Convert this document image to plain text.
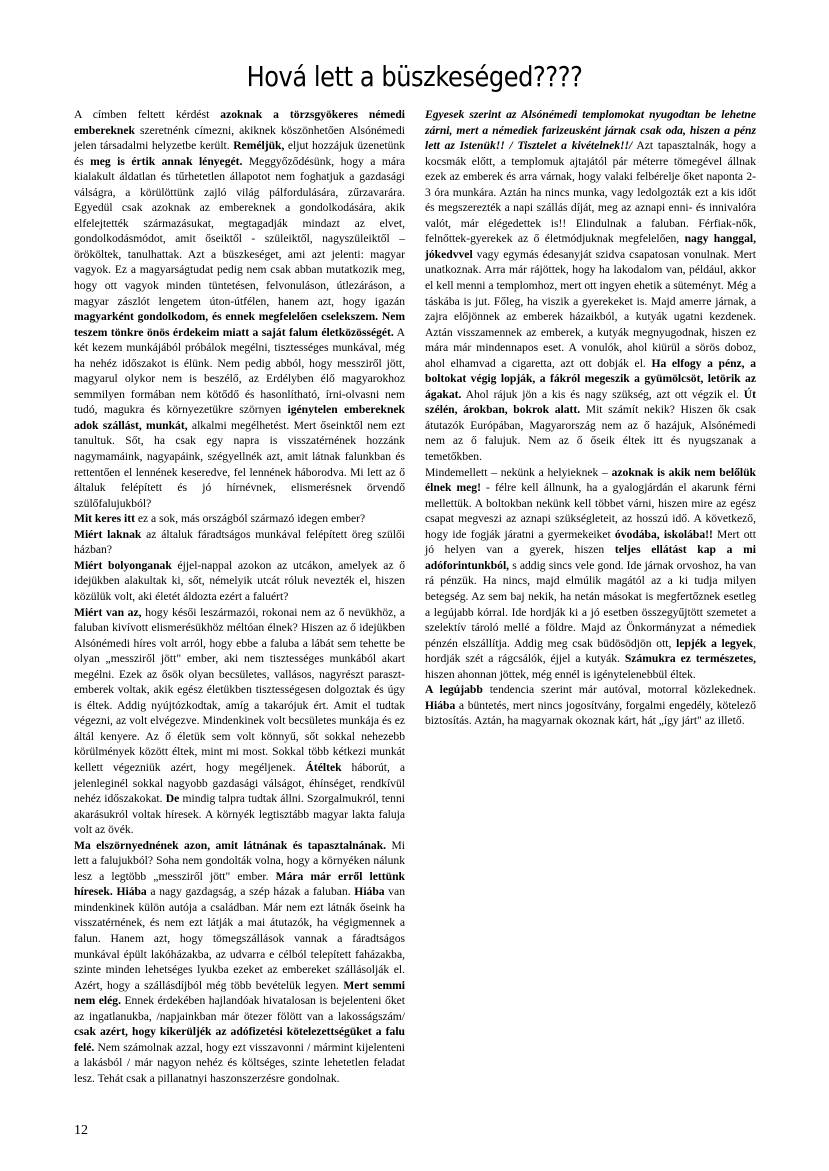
Hová lett a büszkeséged????

A címben feltett kérdést azoknak a törzsgyökeres némedi embereknek szeretnénk címezni, akiknek köszönhetően Alsónémedi jelen társadalmi helyzetbe került. Reméljük, eljut hozzájuk üzenetünk és meg is értik annak lényegét. Meggyőződésünk, hogy a mára kialakult áldatlan és tűrhetetlen állapotot nem foghatjuk a gazdasági válságra, a körülöttünk zajló világ pálfordulására, zűrzavarára. Egyedül csak azoknak az embereknek a gondolkodására, akik elfelejtették származásukat, megtagadják mindazt az elvet, gondolkodásmódot, amit őseiktől - szüleiktől, nagyszüleiktől – örököltek, tanulhattak. Azt a büszkeséget, ami azt jelenti: magyar vagyok. Ez a magyarságtudat pedig nem csak abban mutatkozik meg, hogy ott vagyok minden tüntetésen, felvonuláson, útlezáráson, a magyar zászlót lengetem úton-útfélen, hanem azt, hogy igazán magyarként gondolkodom, és ennek megfelelően cselekszem. Nem teszem tönkre önös érdekeim miatt a saját falum életközösségét. A két kezem munkájából próbálok megélni, tisztességes munkával, még ha nehéz időszakot is élünk. Nem pedig abból, hogy messziről jött, magyarul olykor nem is beszélő, az Erdélyben élő magyarokhoz semmilyen formában nem kötődő és hasonlítható, írni-olvasni nem tudó, magukra és környezetükre szörnyen igénytelen embereknek adok szállást, munkát, alkalmi megélhetést. Mert őseinktől nem ezt tanultuk. Sőt, ha csak egy napra is visszatérnének hozzánk nagymamáink, nagyapáink, szégyellnék azt, amit látnak falunkban és rettentően el lennének keseredve, fel lennének háborodva. Mi lett az ő általuk felépített és jó hírnévnek, elismerésnek örvendő szülőfalujukból?

Mit keres itt ez a sok, más országból származó idegen ember?

Miért laknak az általuk fáradtságos munkával felépített öreg szülői házban?

Miért bolyonganak éjjel-nappal azokon az utcákon, amelyek az ő idejükben alakultak ki, sőt, némelyik utcát róluk nevezték el, hiszen közülük volt, aki életét áldozta ezért a faluért?

Miért van az, hogy késői leszármazói, rokonai nem az ő nevükhöz, a faluban kivívott elismerésükhöz méltóan élnek? Hiszen az ő idejükben Alsónémedi híres volt arról, hogy ebbe a faluba a lábát sem tehette be olyan „messziről jött" ember, aki nem tisztességes munkából akart megélni. Ezek az ősök olyan becsületes, vallásos, nagyrészt parasztemberek voltak, akik egész életükben tisztességesen dolgoztak és úgy is éltek. Addig nyújtózkodtak, amíg a takarójuk ért. Amit el tudtak végezni, az volt elvégezve. Mindenkinek volt becsületes munkája és ez áltál kenyere. Az ő életük sem volt könnyű, sőt sokkal nehezebb körülmények között éltek, mint mi most. Sokkal több kétkezi munkát kellett végezniük azért, hogy megéljenek. Átéltek háborút, a jelenleginél sokkal nagyobb gazdasági válságot, éhínséget, rendkívül nehéz időszakokat. De mindig talpra tudtak állni. Szorgalmukról, tenni akarásukról voltak híresek. A környék legtisztább magyar lakta faluja volt az övék.

Ma elszörnyednének azon, amit látnának és tapasztalnának. Mi lett a falujukból? Soha nem gondolták volna, hogy a környéken nálunk lesz a legtöbb „messziről jött" ember. Mára már erről lettünk híresek. Hiába a nagy gazdagság, a szép házak a faluban. Hiába van mindenkinek külön autója a családban. Már nem ezt látnák őseink ha visszatérnének, és nem ezt látják a mai átutazók, ha végigmennek a falun. Hanem azt, hogy tömegszállások vannak a fáradtságos munkával épült lakóházakba, az udvarra e célból telepített faházakba, szinte minden lehetséges lyukba ezeket az embereket szállásolják el. Azért, hogy a szállásdíjból még több bevételük legyen. Mert semmi nem elég. Ennek érdekében hajlandóak hivatalosan is bejelenteni őket az ingatlanukba, /napjainkban már ötezer fölött van a lakosságszám/ csak azért, hogy kikerüljék az adófizetési kötelezettségüket a falu felé. Nem számolnak azzal, hogy ezt visszavonni / mármint kijelenteni a lakásból / már nagyon nehéz és költséges, szinte lehetetlen feladat lesz. Tehát csak a pillanatnyi haszonszerzésre gondolnak.

Egyesek szerint az Alsónémedi templomokat nyugodtan be lehetne zárni, mert a némediek farizeusként járnak csak oda, hiszen a pénz lett az Istenük!! / Tisztelet a kivételnek!!/ Azt tapasztalnák, hogy a kocsmák előtt, a templomuk ajtajától pár méterre tömegével állnak ezek az emberek és arra várnak, hogy valaki felbérelje őket naponta 2-3 óra munkára. Aztán ha nincs munka, vagy ledolgozták ezt a kis időt és megszerezték a napi szállás díját, meg az aznapi enni- és innivalóra valót, már elégedettek is!! Elindulnak a faluban. Férfiak-nők, felnőttek-gyerekek az ő életmódjuknak megfelelően, nagy hanggal, jókedvvel vagy egymás édesanyját szidva csapatosan vonulnak. Mert unatkoznak. Arra már rájöttek, hogy ha lakodalom van, például, akkor el kell menni a templomhoz, mert ott ingyen ehetik a süteményt. Még a táskába is jut. Főleg, ha viszik a gyerekeket is. Majd amerre járnak, a zajra előjönnek az emberek házaikból, a kutyák ugatni kezdenek. Aztán visszamennek az emberek, a kutyák megnyugodnak, hiszen ez mára már mindennapos eset. A vonulók, ahol kiürül a sörös doboz, ahol elhamvad a cigaretta, azt ott dobják el. Ha elfogy a pénz, a boltokat végig lopják, a fákról megeszik a gyümölcsöt, letörik az ágakat. Ahol rájuk jön a kis és nagy szükség, azt ott végzik el. Út szélén, árokban, bokrok alatt. Mit számít nekik? Hiszen ők csak átutazók Európában, Magyarország nem az ő hazájuk, Alsónémedi nem az ő falujuk. Nem az ő őseik éltek itt és nyugszanak a temetőkben.

Mindemellett – nekünk a helyieknek – azoknak is akik nem belőlük élnek meg! - félre kell állnunk, ha a gyalogjárdán el akarunk férni mellettük. A boltokban nekünk kell többet várni, hiszen mire az egész csapat megveszi az aznapi szükségleteit, az hosszú idő. A következő, hogy ide fogják járatni a gyermekeiket óvodába, iskolába!! Mert ott jó helyen van a gyerek, hiszen teljes ellátást kap a mi adóforintunkból, s addig sincs vele gond. Ide járnak orvoshoz, ha van rá pénzük. Ha nincs, majd elmúlik magától az a ki tudja milyen betegség. Az sem baj nekik, ha netán másokat is megfertőznek esetleg a legújabb kórral. Ide hordják ki a jó esetben összegyűjtött szemetet a szelektív tároló mellé a földre. Majd az Önkormányzat a némediek pénzén elszállítja. Addig meg csak büdösödjön ott, lepjék a legyek, hordják szét a rágcsálók, éjjel a kutyák. Számukra ez természetes, hiszen ahonnan jöttek, még ennél is igénytelenebbül éltek.

A legújabb tendencia szerint már autóval, motorral közlekednek. Hiába a büntetés, mert nincs jogosítvány, forgalmi engedély, kötelező biztosítás. Aztán, ha magyarnak okoznak kárt, hát „így járt" az illető.

12
